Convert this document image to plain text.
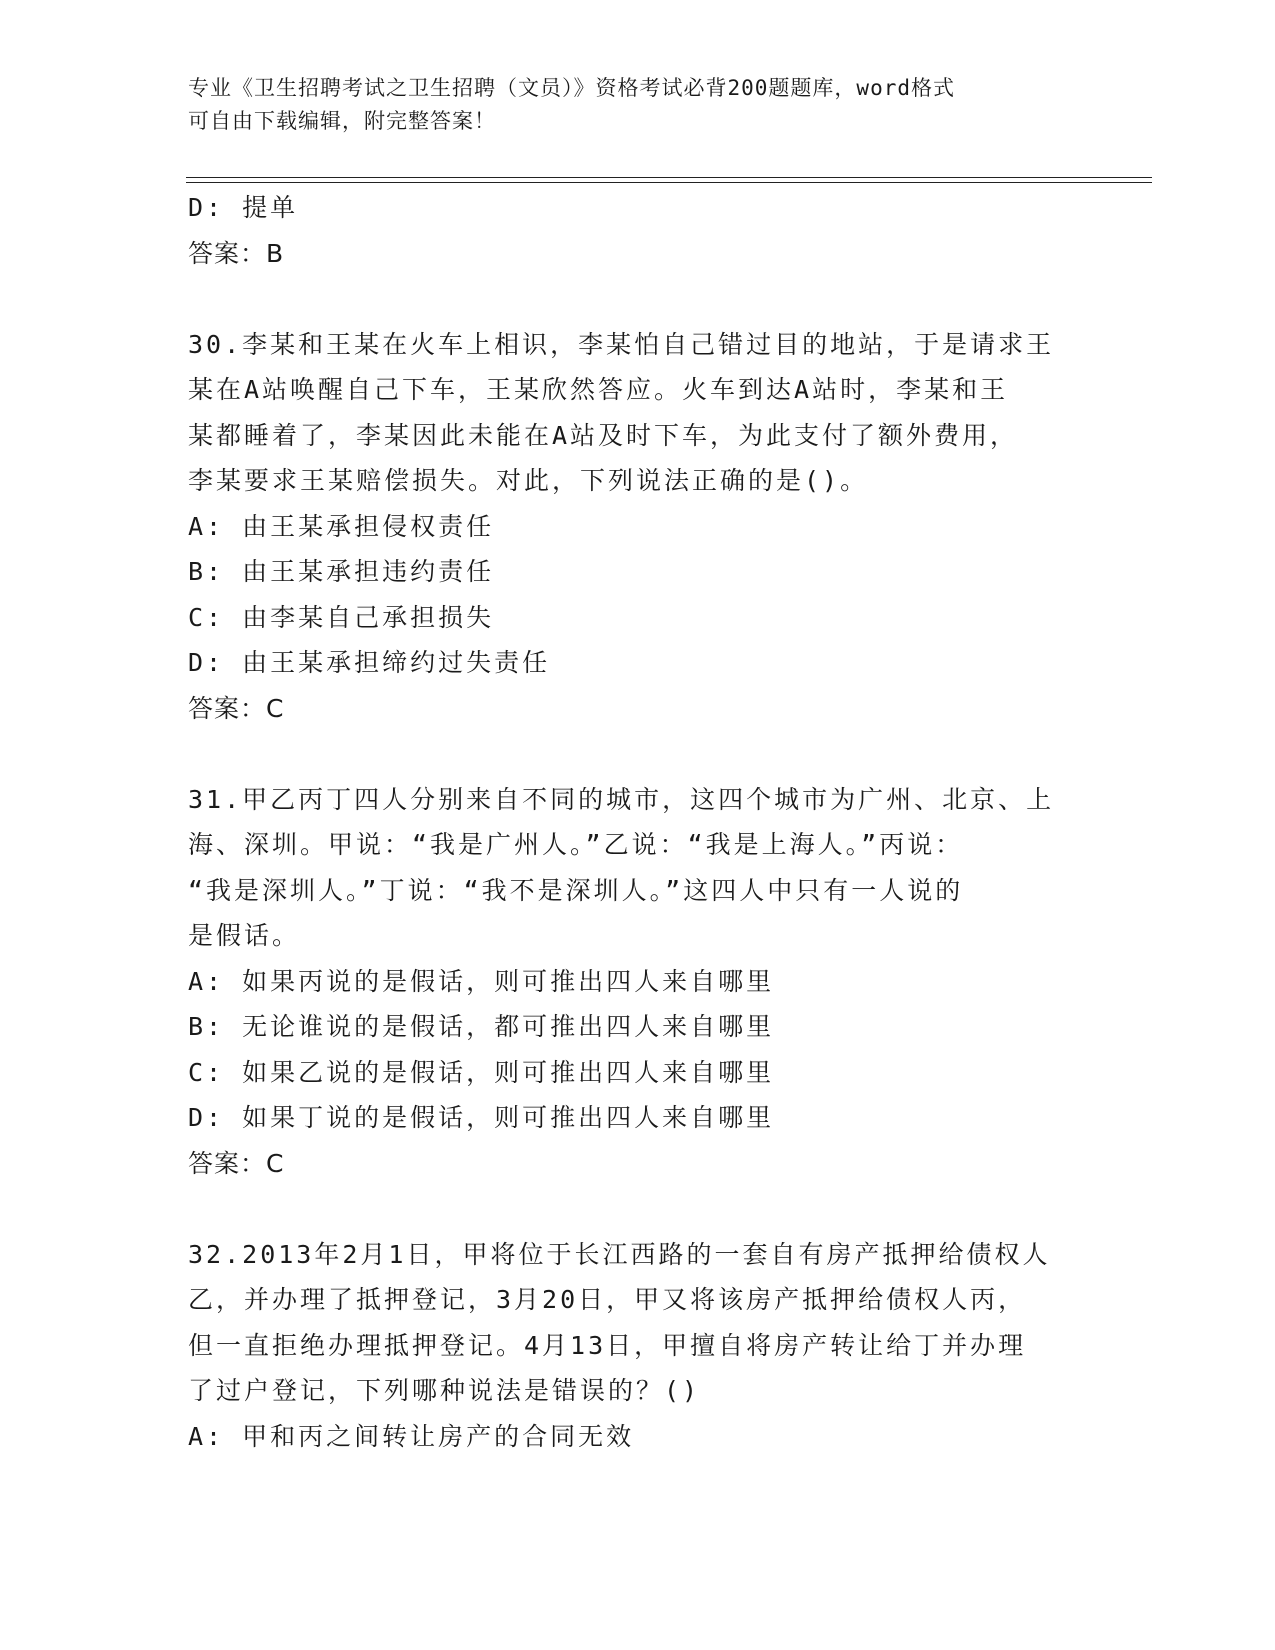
专业《卫生招聘考试之卫生招聘（文员）》资格考试必背200题题库，word格式
可自由下载编辑，附完整答案！
D: 提单
答案：B
30.李某和王某在火车上相识，李某怕自己错过目的地站，于是请求王
某在A站唤醒自己下车，王某欣然答应。火车到达A站时，李某和王
某都睡着了，李某因此未能在A站及时下车，为此支付了额外费用，
李某要求王某赔偿损失。对此，下列说法正确的是()。
A: 由王某承担侵权责任
B: 由王某承担违约责任
C: 由李某自己承担损失
D: 由王某承担缔约过失责任
答案：C
31.甲乙丙丁四人分别来自不同的城市，这四个城市为广州、北京、上
海、深圳。甲说：“我是广州人。”乙说：“我是上海人。”丙说：
“我是深圳人。”丁说：“我不是深圳人。”这四人中只有一人说的
是假话。
A: 如果丙说的是假话，则可推出四人来自哪里
B: 无论谁说的是假话，都可推出四人来自哪里
C: 如果乙说的是假话，则可推出四人来自哪里
D: 如果丁说的是假话，则可推出四人来自哪里
答案：C
32.2013年2月1日，甲将位于长江西路的一套自有房产抵押给债权人
乙，并办理了抵押登记，3月20日，甲又将该房产抵押给债权人丙，
但一直拒绝办理抵押登记。4月13日，甲擅自将房产转让给丁并办理
了过户登记，下列哪种说法是错误的？()
A: 甲和丙之间转让房产的合同无效
